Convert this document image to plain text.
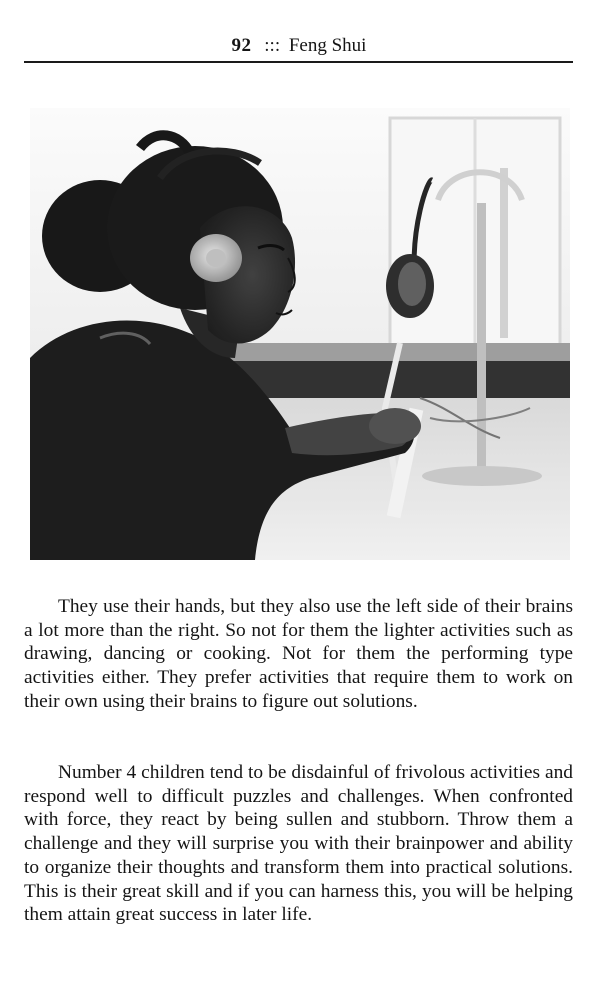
92 ::: Feng Shui

They use their hands, but they also use the left side of their brains a lot more than the right. So not for them the lighter activities such as drawing, dancing or cooking. Not for them the performing type activities either. They prefer activities that require them to work on their own using their brains to figure out solutions.

Number 4 children tend to be disdainful of frivolous activities and respond well to difficult puzzles and challenges. When confronted with force, they react by being sullen and stubborn. Throw them a challenge and they will surprise you with their brainpower and ability to organize their thoughts and transform them into practical solutions. This is their great skill and if you can harness this, you will be helping them attain great success in later life.
